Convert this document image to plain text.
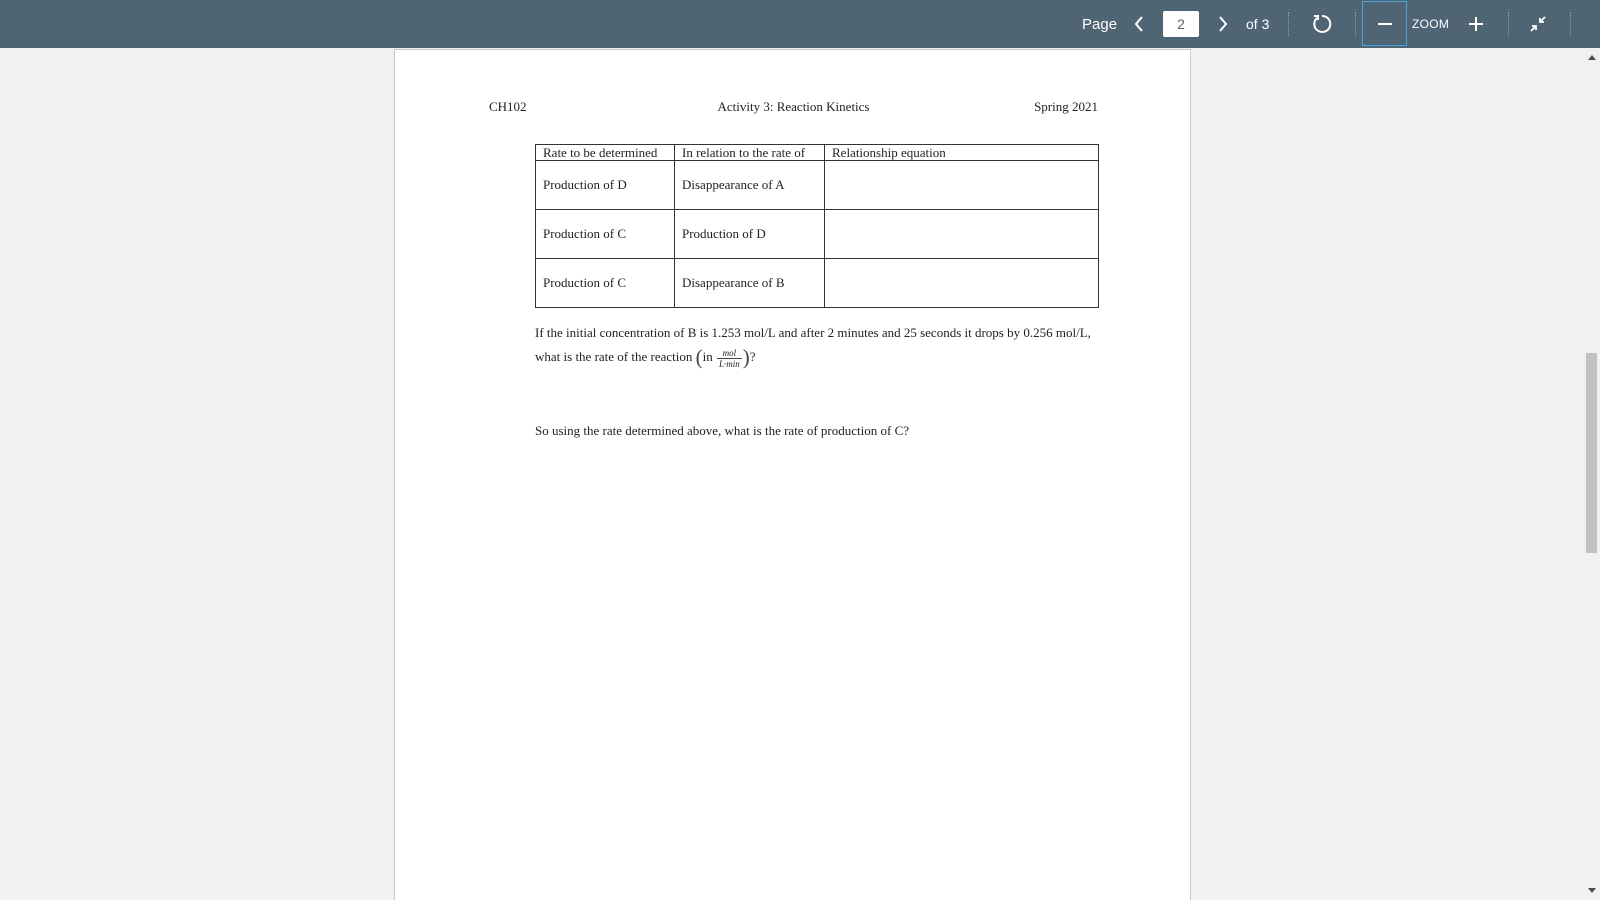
Page
2	of 3	ZOOM
CH102	Activity 3: Reaction Kinetics	Spring 2021
Rate to be determined	In relation to the rate of	Relationship equation
Production of D	Disappearance of A	
Production of C	Production of D	
Production of C	Disappearance of B	
If the initial concentration of B is 1.253 mol/L and after 2 minutes and 25 seconds it drops by 0.256 mol/L, what is the rate of the reaction ($in \frac{\text{mol}}{L\cdot\min}$ )?
So using the rate determined above, what is the rate of production of C?
